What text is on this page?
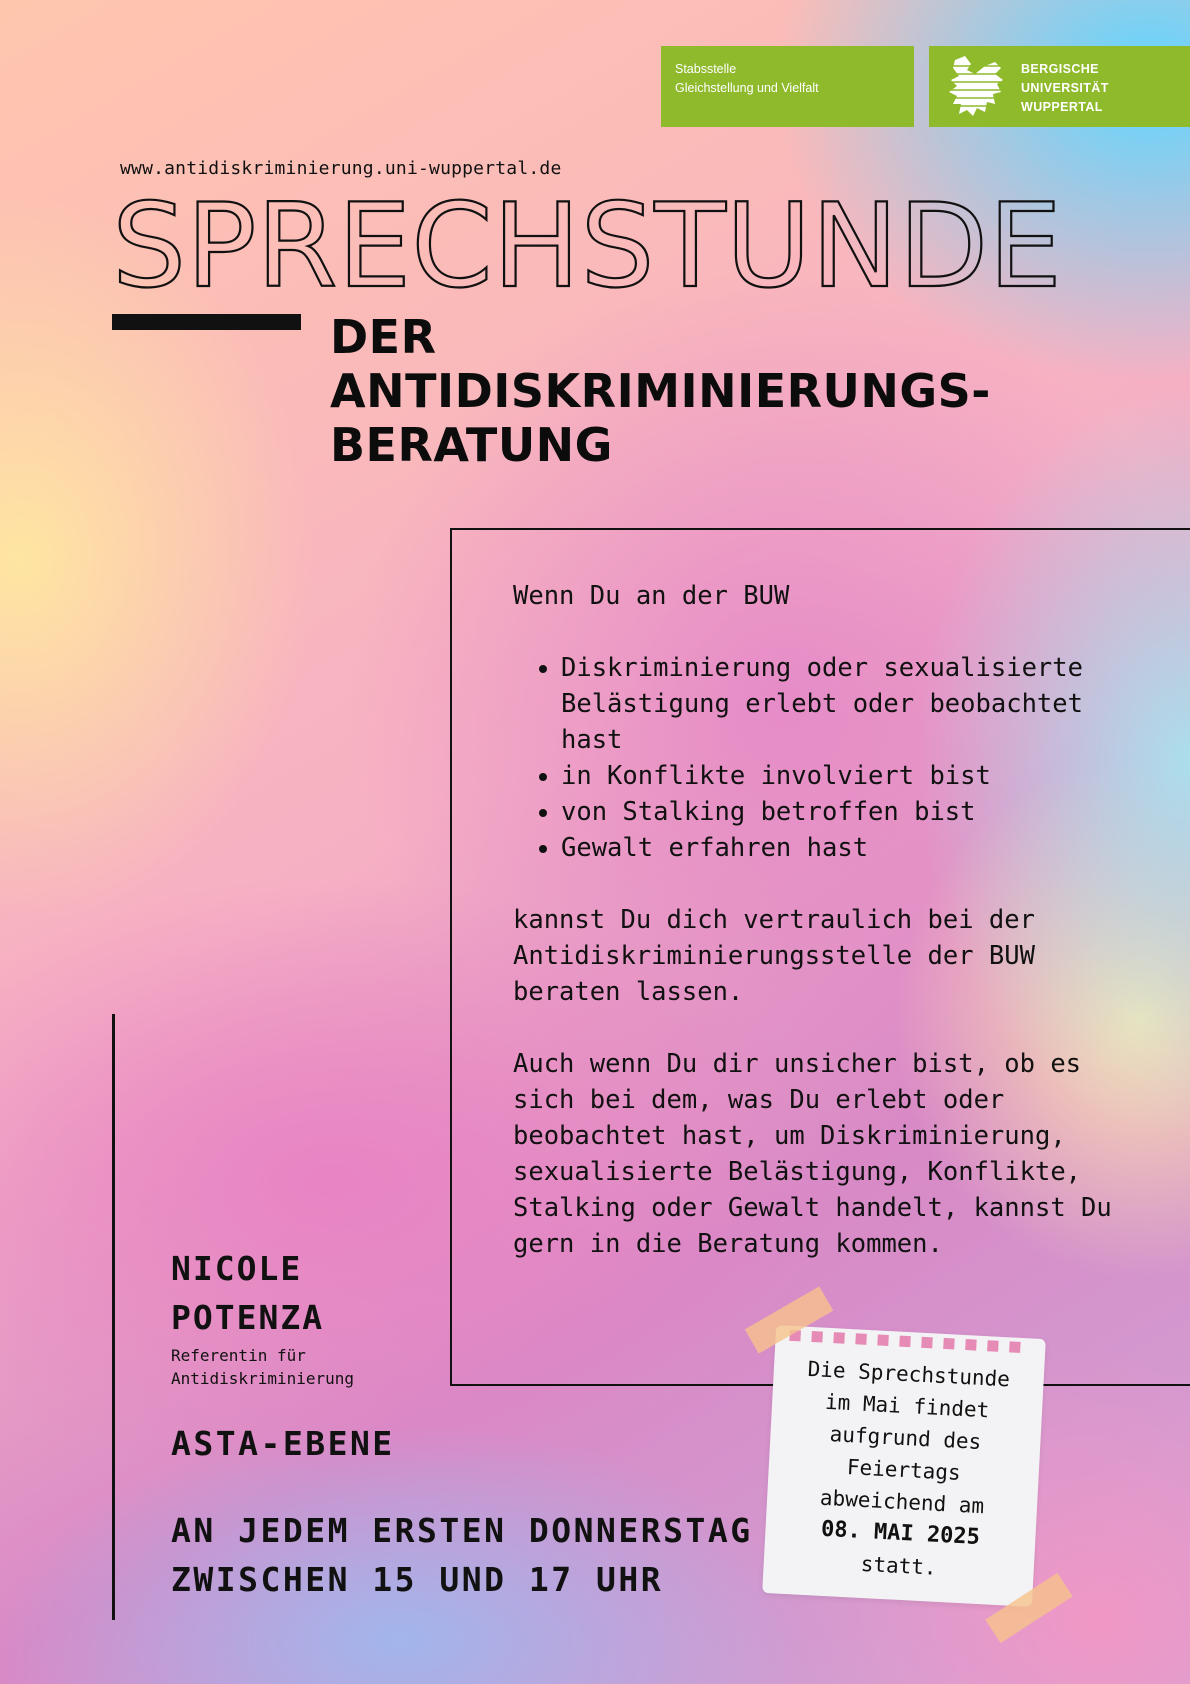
Stabsstelle
Gleichstellung und Vielfalt
BERGISCHE
UNIVERSITÄT
WUPPERTAL
www.antidiskriminierung.uni-wuppertal.de
SPRECHSTUNDE
DER
ANTIDISKRIMINIERUNGS-
BERATUNG

Wenn Du an der BUW

• Diskriminierung oder sexualisierte Belästigung erlebt oder beobachtet hast
• in Konflikte involviert bist
• von Stalking betroffen bist
• Gewalt erfahren hast

kannst Du dich vertraulich bei der Antidiskriminierungsstelle der BUW beraten lassen.

Auch wenn Du dir unsicher bist, ob es sich bei dem, was Du erlebt oder beobachtet hast, um Diskriminierung, sexualisierte Belästigung, Konflikte, Stalking oder Gewalt handelt, kannst Du gern in die Beratung kommen.

NICOLE
POTENZA
Referentin für
Antidiskriminierung
ASTA-EBENE
AN JEDEM ERSTEN DONNERSTAG
ZWISCHEN 15 UND 17 UHR
Die Sprechstunde
im Mai findet
aufgrund des
Feiertags
abweichend am
08. MAI 2025
statt.
